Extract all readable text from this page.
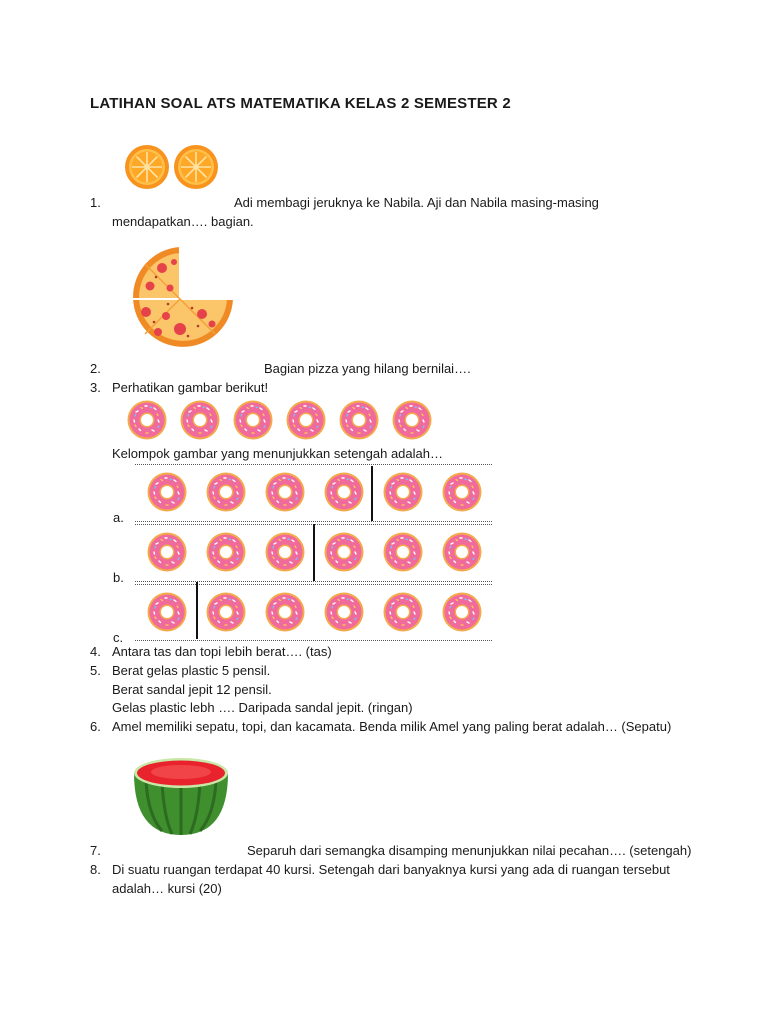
LATIHAN SOAL ATS MATEMATIKA KELAS 2 SEMESTER 2
1.	Adi membagi jeruknya ke Nabila. Aji dan Nabila masing-masing
mendapatkan…. bagian.
2.	Bagian pizza yang hilang bernilai….
3. Perhatikan gambar berikut!
Kelompok gambar yang menunjukkan setengah adalah…
a.
b.
c.
4. Antara tas dan topi lebih berat…. (tas)
5. Berat gelas plastic 5 pensil.
Berat sandal jepit 12 pensil.
Gelas plastic lebh …. Daripada sandal jepit. (ringan)
6. Amel memiliki sepatu, topi, dan kacamata. Benda milik Amel yang paling berat adalah… (Sepatu)
7.	Separuh dari semangka disamping menunjukkan nilai pecahan…. (setengah)
8. Di suatu ruangan terdapat 40 kursi. Setengah dari banyaknya kursi yang ada di ruangan tersebut
adalah… kursi (20)
